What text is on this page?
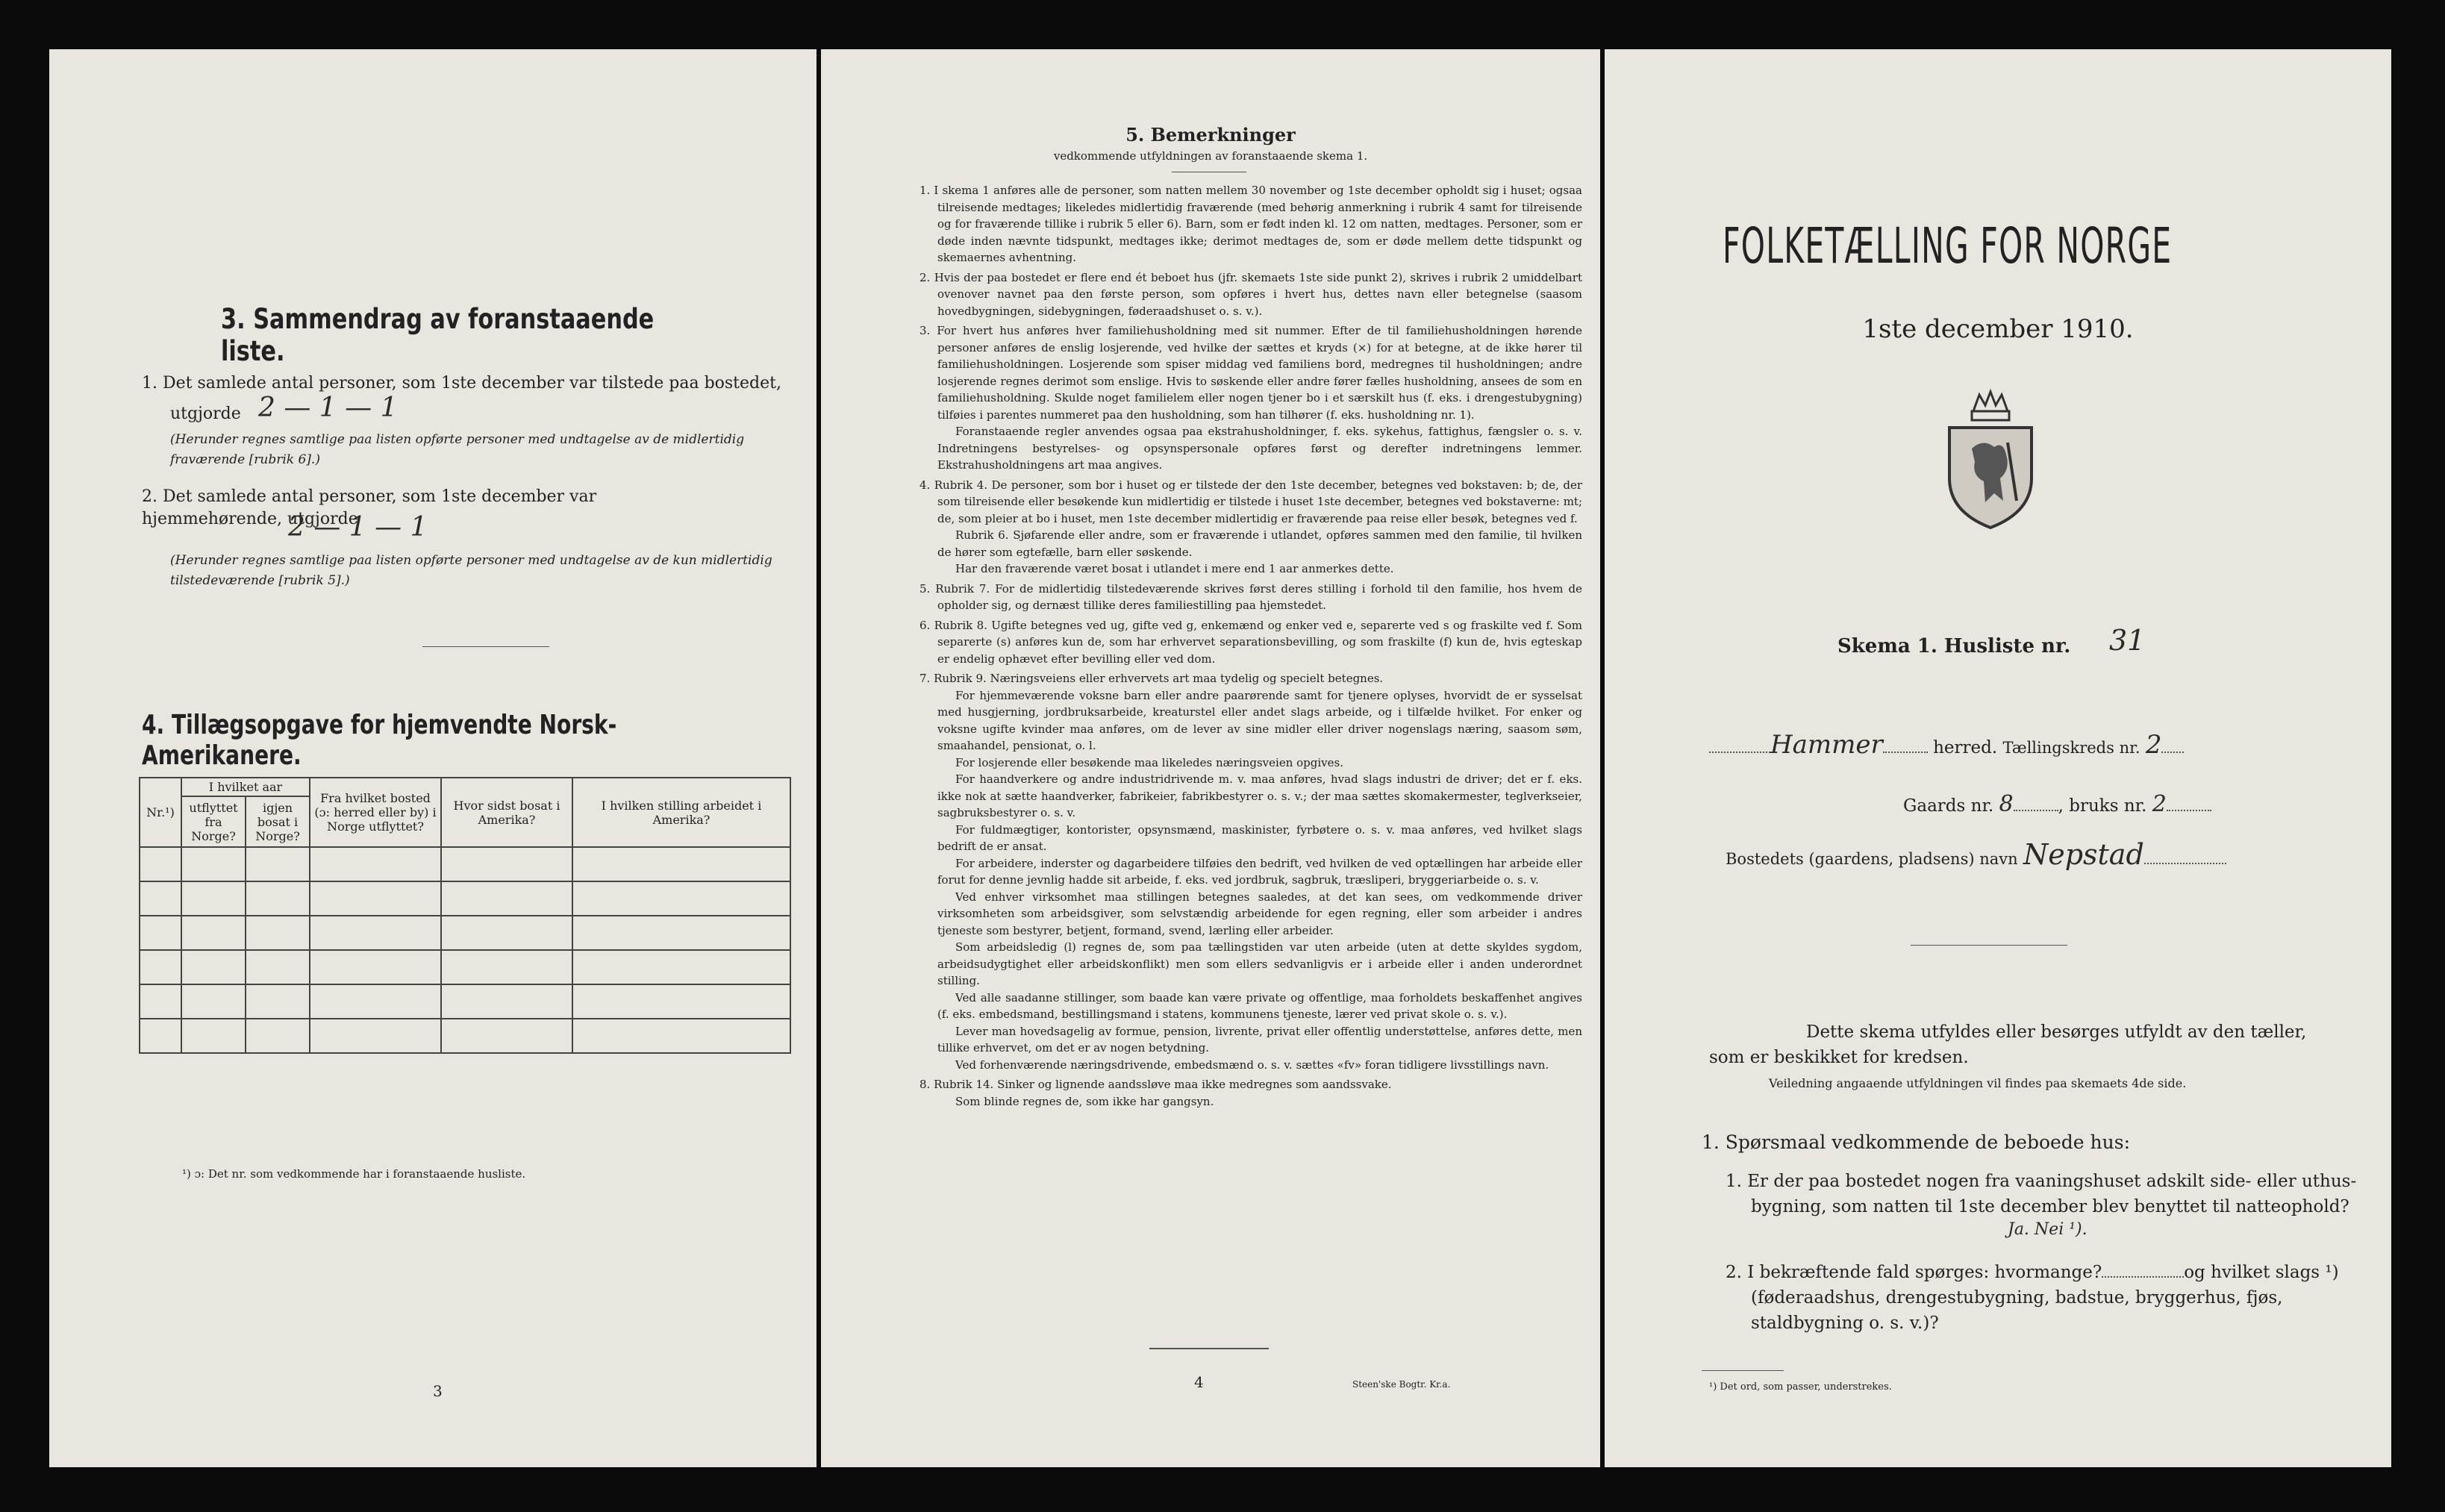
3. Sammendrag av foranstaaende liste.
1. Det samlede antal personer, som 1ste december var tilstede paa bostedet,
utgjorde 2 — 1 — 1
(Herunder regnes samtlige paa listen opførte personer med undtagelse av de midlertidig fraværende [rubrik 6].)
2. Det samlede antal personer, som 1ste december var hjemmehørende, utgjorde
2 — 1 — 1
(Herunder regnes samtlige paa listen opførte personer med undtagelse av de kun midlertidig tilstedeværende [rubrik 5].)
4. Tillægsopgave for hjemvendte Norsk-Amerikanere.
Nr.¹)	I hvilket aar		Fra hvilket bosted (ɔ: herred eller by) i Norge utflyttet?	Hvor sidst bosat i Amerika?	I hvilken stilling arbeidet i Amerika?
	utflyttet fra Norge?	igjen bosat i Norge?			

¹) ɔ: Det nr. som vedkommende har i foranstaaende husliste.
3
5. Bemerkninger
vedkommende utfyldningen av foranstaaende skema 1.

1. I skema 1 anføres alle de personer, som natten mellem 30 november og 1ste december opholdt sig i huset; ogsaa tilreisende medtages; likeledes midlertidig fraværende (med behørig anmerkning i rubrik 4 samt for tilreisende og for fraværende tillike i rubrik 5 eller 6). Barn, som er født inden kl. 12 om natten, medtages. Personer, som er døde inden nævnte tidspunkt, medtages ikke; derimot medtages de, som er døde mellem dette tidspunkt og skemaernes avhentning.

2. Hvis der paa bostedet er flere end ét beboet hus (jfr. skemaets 1ste side punkt 2), skrives i rubrik 2 umiddelbart ovenover navnet paa den første person, som opføres i hvert hus, dettes navn eller betegnelse (saasom hovedbygningen, sidebygningen, føderaadshuset o. s. v.).

3. For hvert hus anføres hver familiehusholdning med sit nummer. Efter de til familiehusholdningen hørende personer anføres de enslig losjerende, ved hvilke der sættes et kryds (×) for at betegne, at de ikke hører til familiehusholdningen. Losjerende som spiser middag ved familiens bord, medregnes til husholdningen; andre losjerende regnes derimot som enslige. Hvis to søskende eller andre fører fælles husholdning, ansees de som en familiehusholdning. Skulde noget familielem eller nogen tjener bo i et særskilt hus (f. eks. i drengestubygning) tilføies i parentes nummeret paa den husholdning, som han tilhører (f. eks. husholdning nr. 1).

Foranstaaende regler anvendes ogsaa paa ekstrahusholdninger, f. eks. sykehus, fattighus, fængsler o. s. v. Indretningens bestyrelses- og opsynspersonale opføres først og derefter indretningens lemmer. Ekstrahusholdningens art maa angives.

4. Rubrik 4. De personer, som bor i huset og er tilstede der den 1ste december, betegnes ved bokstaven: b; de, der som tilreisende eller besøkende kun midlertidig er tilstede i huset 1ste december, betegnes ved bokstaverne: mt; de, som pleier at bo i huset, men 1ste december midlertidig er fraværende paa reise eller besøk, betegnes ved f.

Rubrik 6. Sjøfarende eller andre, som er fraværende i utlandet, opføres sammen med den familie, til hvilken de hører som egtefælle, barn eller søskende.

Har den fraværende været bosat i utlandet i mere end 1 aar anmerkes dette.

5. Rubrik 7. For de midlertidig tilstedeværende skrives først deres stilling i forhold til den familie, hos hvem de opholder sig, og dernæst tillike deres familiestilling paa hjemstedet.

6. Rubrik 8. Ugifte betegnes ved ug, gifte ved g, enkemænd og enker ved e, separerte ved s og fraskilte ved f. Som separerte (s) anføres kun de, som har erhvervet separationsbevilling, og som fraskilte (f) kun de, hvis egteskap er endelig ophævet efter bevilling eller ved dom.

7. Rubrik 9. Næringsveiens eller erhvervets art maa tydelig og specielt betegnes.

For hjemmeværende voksne barn eller andre paarørende samt for tjenere oplyses, hvorvidt de er sysselsat med husgjerning, jordbruksarbeide, kreaturstel eller andet slags arbeide, og i tilfælde hvilket. For enker og voksne ugifte kvinder maa anføres, om de lever av sine midler eller driver nogenslags næring, saasom søm, smaahandel, pensionat, o. l.

For losjerende eller besøkende maa likeledes næringsveien opgives.

For haandverkere og andre industridrivende m. v. maa anføres, hvad slags industri de driver; det er f. eks. ikke nok at sætte haandverker, fabrikeier, fabrikbestyrer o. s. v.; der maa sættes skomakermester, teglverkseier, sagbruksbestyrer o. s. v.

For fuldmægtiger, kontorister, opsynsmænd, maskinister, fyrbøtere o. s. v. maa anføres, ved hvilket slags bedrift de er ansat.

For arbeidere, inderster og dagarbeidere tilføies den bedrift, ved hvilken de ved optællingen har arbeide eller forut for denne jevnlig hadde sit arbeide, f. eks. ved jordbruk, sagbruk, træsliperi, bryggeriarbeide o. s. v.

Ved enhver virksomhet maa stillingen betegnes saaledes, at det kan sees, om vedkommende driver virksomheten som arbeidsgiver, som selvstændig arbeidende for egen regning, eller som arbeider i andres tjeneste som bestyrer, betjent, formand, svend, lærling eller arbeider.

Som arbeidsledig (l) regnes de, som paa tællingstiden var uten arbeide (uten at dette skyldes sygdom, arbeidsudygtighet eller arbeidskonflikt) men som ellers sedvanligvis er i arbeide eller i anden underordnet stilling.

Ved alle saadanne stillinger, som baade kan være private og offentlige, maa forholdets beskaffenhet angives (f. eks. embedsmand, bestillingsmand i statens, kommunens tjeneste, lærer ved privat skole o. s. v.).

Lever man hovedsagelig av formue, pension, livrente, privat eller offentlig understøttelse, anføres dette, men tillike erhvervet, om det er av nogen betydning.

Ved forhenværende næringsdrivende, embedsmænd o. s. v. sættes «fv» foran tidligere livsstillings navn.

8. Rubrik 14. Sinker og lignende aandssløve maa ikke medregnes som aandssvake.

Som blinde regnes de, som ikke har gangsyn.

4	Steen'ske Bogtr. Kr.a.
FOLKETÆLLING FOR NORGE
1ste december 1910.
Skema 1. Husliste nr. 31
Hammer	herred. Tællingskreds nr. 2
Gaards nr. 8	, bruks nr. 2
Bostedets (gaardens, pladsens) navn Nepstad
Dette skema utfyldes eller besørges utfyldt av den tæller, som er beskikket for kredsen.
Veiledning angaaende utfyldningen vil findes paa skemaets 4de side.
1. Spørsmaal vedkommende de beboede hus:
1. Er der paa bostedet nogen fra vaaningshuset adskilt side- eller uthus-bygning, som natten til 1ste december blev benyttet til natteophold?
Ja. Nei ¹).
2. I bekræftende fald spørges: hvormange?	og hvilket slags ¹)
(føderaadshus, drengestubygning, badstue, bryggerhus, fjøs, staldbygning o. s. v.)?
¹) Det ord, som passer, understrekes.
